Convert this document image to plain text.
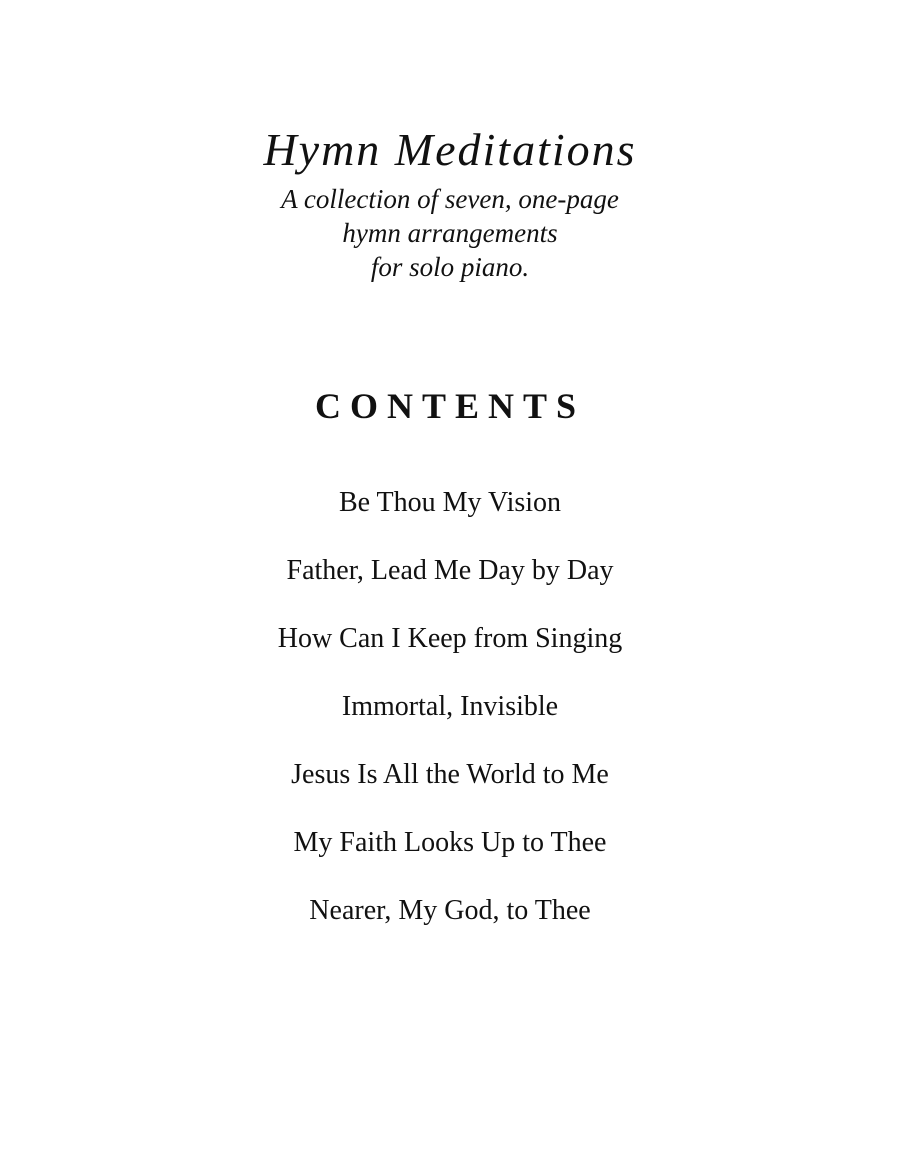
Hymn Meditations
A collection of seven, one-page
hymn arrangements
for solo piano.
CONTENTS
Be Thou My Vision
Father, Lead Me Day by Day
How Can I Keep from Singing
Immortal, Invisible
Jesus Is All the World to Me
My Faith Looks Up to Thee
Nearer, My God, to Thee
